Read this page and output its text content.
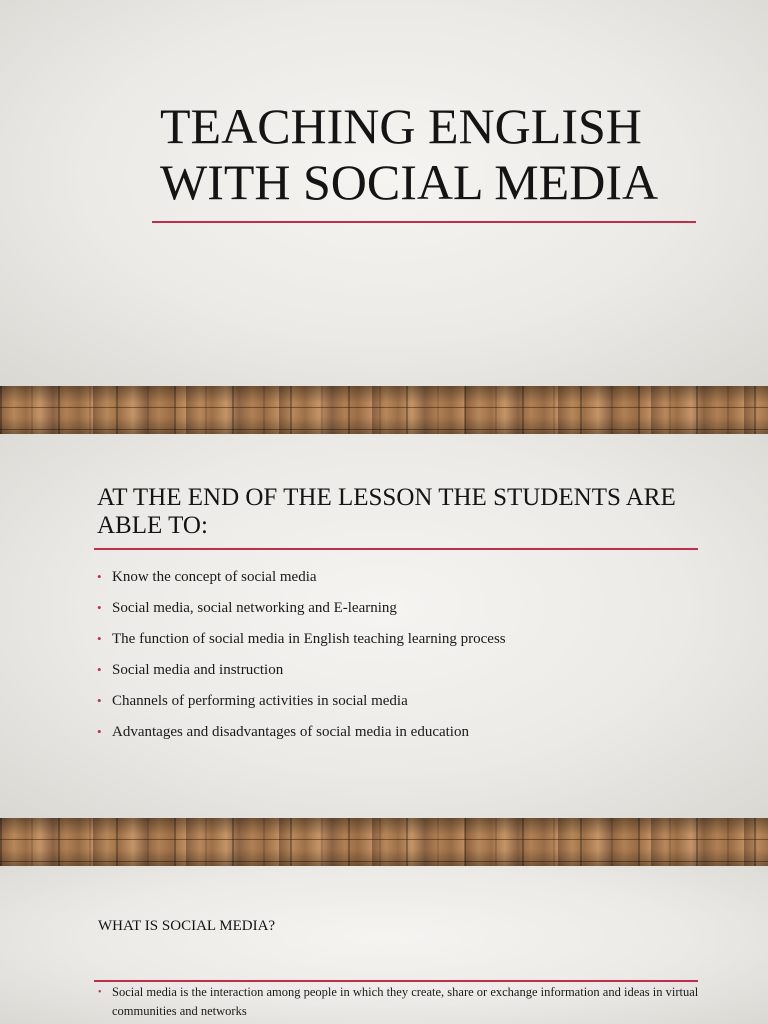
TEACHING ENGLISH
WITH SOCIAL MEDIA
AT THE END OF THE LESSON THE STUDENTS ARE ABLE TO:
• Know the concept of social media
• Social media, social networking and E-learning
• The function of social media in English teaching learning process
• Social media and instruction
• Channels of performing activities in social media
• Advantages and disadvantages of social media in education
WHAT IS SOCIAL MEDIA?
• Social media is the interaction among people in which they create, share or exchange information and ideas in virtual communities and networks
